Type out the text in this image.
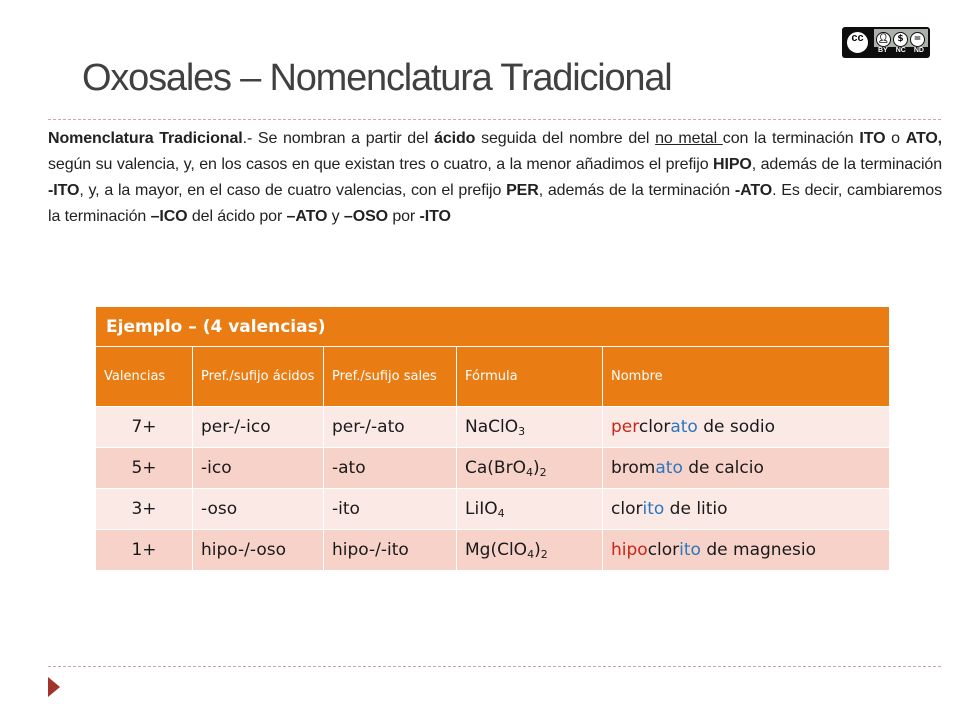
cc	👤︎ $	=
BY NC ND
Oxosales – Nomenclatura Tradicional

Nomenclatura Tradicional.- Se nombran a partir del ácido seguida del nombre del no metal con la terminación ITO o ATO, según su valencia, y, en los casos en que existan tres o cuatro, a la menor añadimos el prefijo HIPO, además de la terminación -ITO, y, a la mayor, en el caso de cuatro valencias, con el prefijo PER, además de la terminación -ATO. Es decir, cambiaremos la terminación –ICO del ácido por –ATO y –OSO por -ITO

Ejemplo – (4 valencias)				
Valencias	Pref./sufijo ácidos	Pref./sufijo sales	Fórmula	Nombre
7+	per-/-ico	per-/-ato	NaClO$_3$	perclorato de sodio
5+	-ico	-ato	$Ca(BrO_4)_2$	bromato de calcio
3+	-oso	-ito	LiIO$_4$	clorito de litio
1+	hipo-/-oso	hipo-/-ito	$Mg(ClO_4)_2$	hipoclorito de magnesio
